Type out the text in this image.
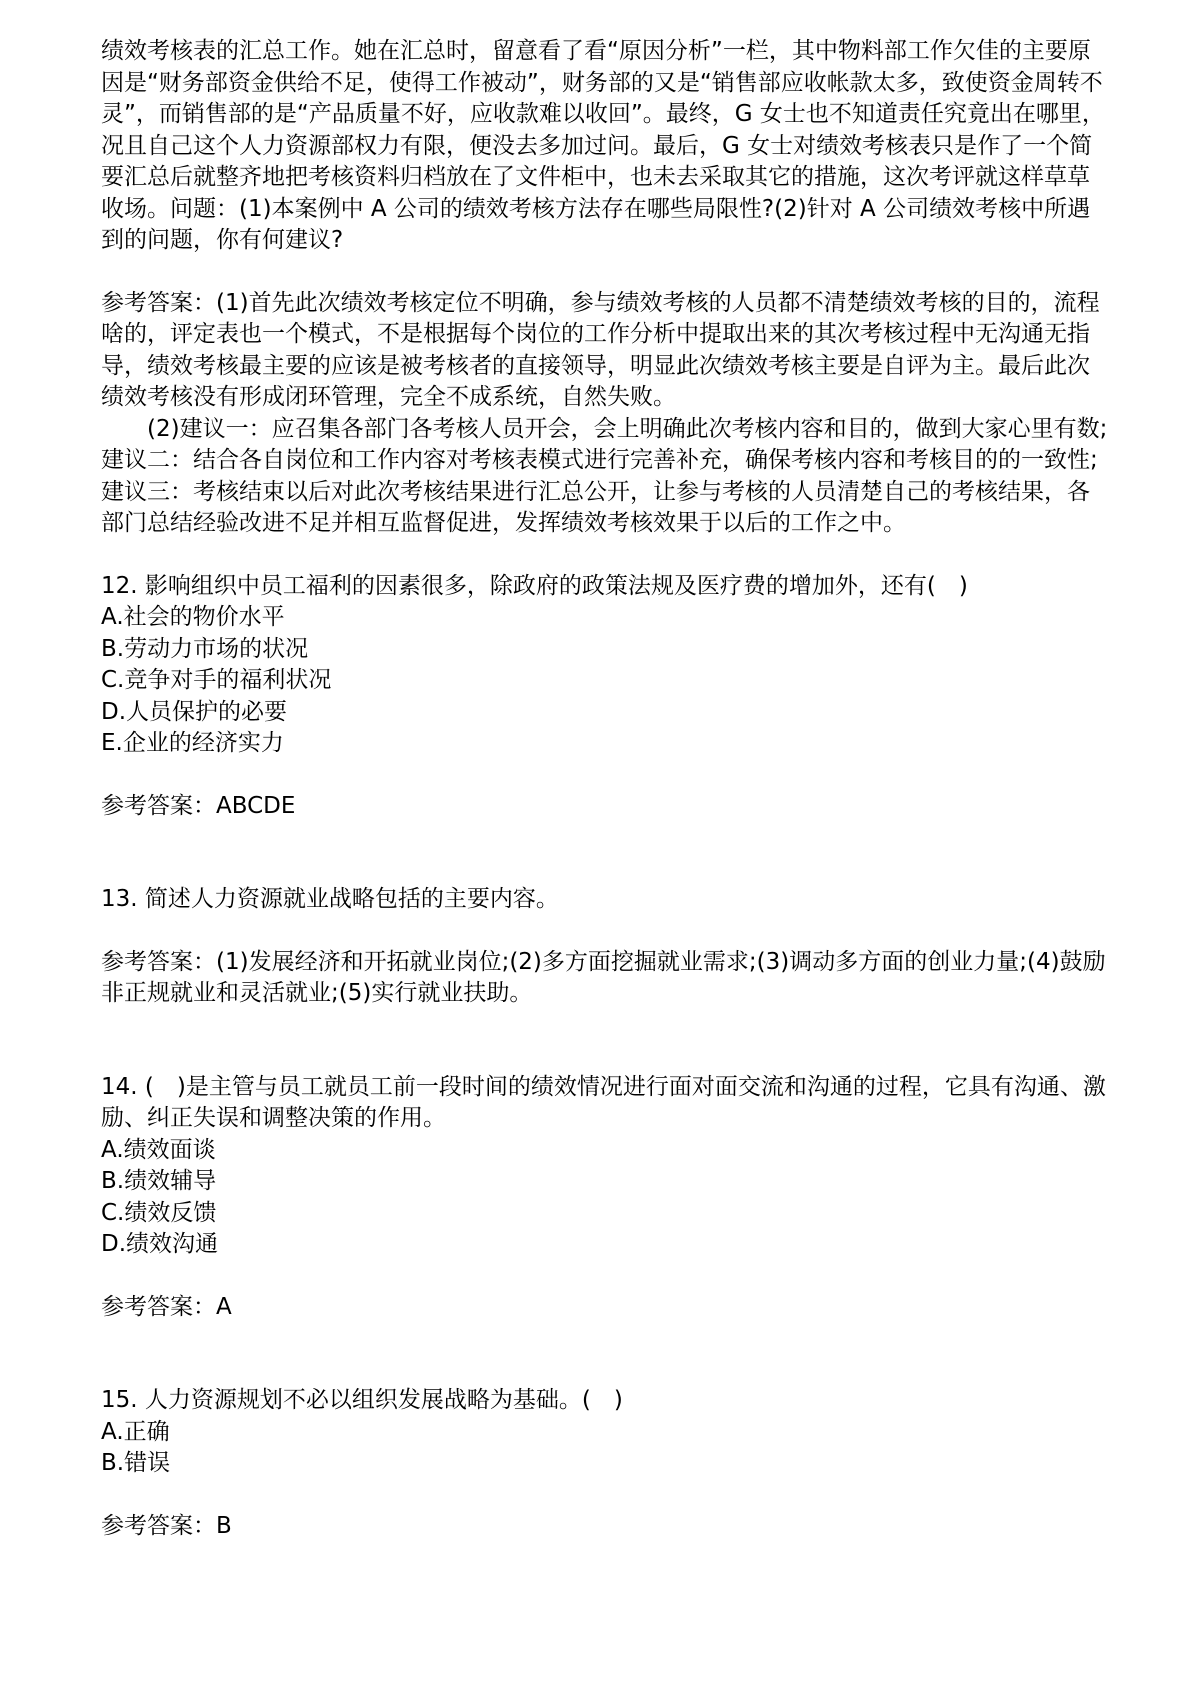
绩效考核表的汇总工作。她在汇总时，留意看了看“原因分析”一栏，其中物料部工作欠佳的主要原因是“财务部资金供给不足，使得工作被动”，财务部的又是“销售部应收帐款太多，致使资金周转不灵”，而销售部的是“产品质量不好，应收款难以收回”。最终，G 女士也不知道责任究竟出在哪里，况且自己这个人力资源部权力有限，便没去多加过问。最后，G 女士对绩效考核表只是作了一个简要汇总后就整齐地把考核资料归档放在了文件柜中，也未去采取其它的措施，这次考评就这样草草收场。问题：(1)本案例中 A 公司的绩效考核方法存在哪些局限性?(2)针对 A 公司绩效考核中所遇到的问题，你有何建议?

参考答案：(1)首先此次绩效考核定位不明确，参与绩效考核的人员都不清楚绩效考核的目的，流程啥的，评定表也一个模式，不是根据每个岗位的工作分析中提取出来的其次考核过程中无沟通无指导，绩效考核最主要的应该是被考核者的直接领导，明显此次绩效考核主要是自评为主。最后此次绩效考核没有形成闭环管理，完全不成系统，自然失败。

(2)建议一：应召集各部门各考核人员开会，会上明确此次考核内容和目的，做到大家心里有数;建议二：结合各自岗位和工作内容对考核表模式进行完善补充，确保考核内容和考核目的的一致性;建议三：考核结束以后对此次考核结果进行汇总公开，让参与考核的人员清楚自己的考核结果，各部门总结经验改进不足并相互监督促进，发挥绩效考核效果于以后的工作之中。

12. 影响组织中员工福利的因素很多，除政府的政策法规及医疗费的增加外，还有(　)

A.社会的物价水平

B.劳动力市场的状况

C.竞争对手的福利状况

D.人员保护的必要

E.企业的经济实力

参考答案：ABCDE

13. 简述人力资源就业战略包括的主要内容。

参考答案：(1)发展经济和开拓就业岗位;(2)多方面挖掘就业需求;(3)调动多方面的创业力量;(4)鼓励非正规就业和灵活就业;(5)实行就业扶助。

14. (　)是主管与员工就员工前一段时间的绩效情况进行面对面交流和沟通的过程，它具有沟通、激励、纠正失误和调整决策的作用。

A.绩效面谈

B.绩效辅导

C.绩效反馈

D.绩效沟通

参考答案：A

15. 人力资源规划不必以组织发展战略为基础。(　)

A.正确

B.错误

参考答案：B
